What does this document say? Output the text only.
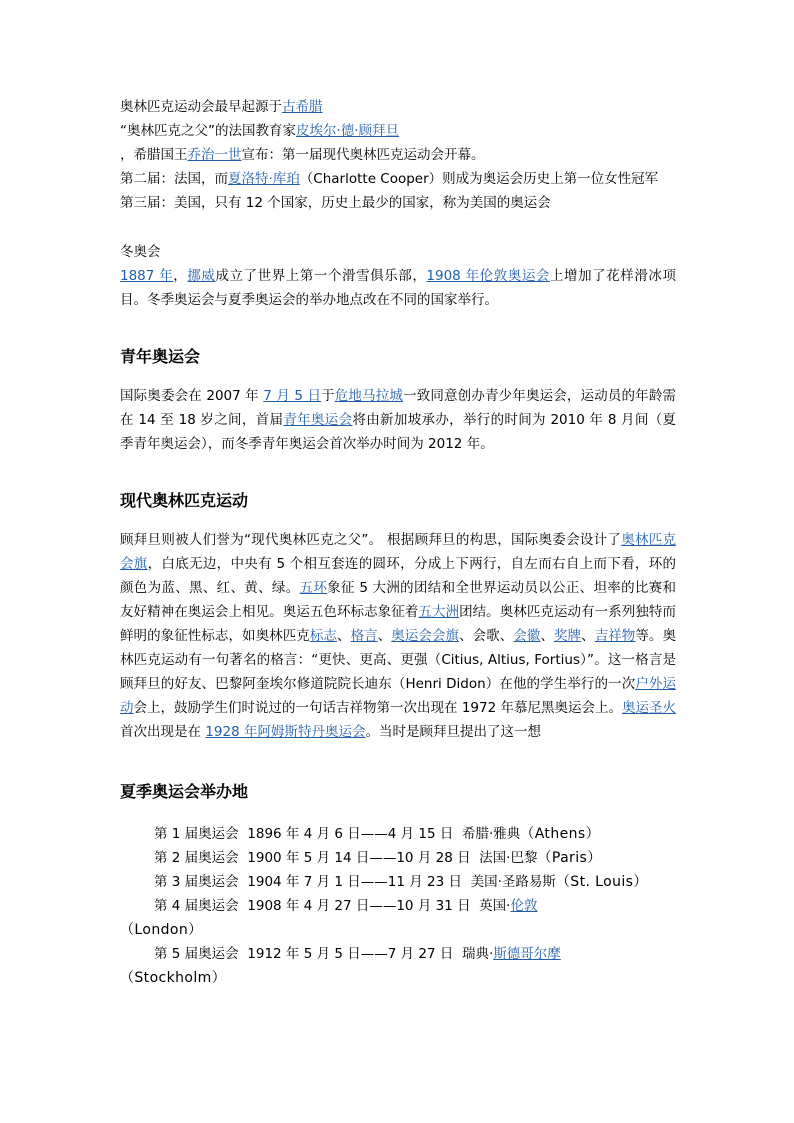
奥林匹克运动会最早起源于古希腊
“奥林匹克之父”的法国教育家皮埃尔·德·顾拜旦
，希腊国王乔治一世宣布：第一届现代奥林匹克运动会开幕。
第二届：法国，而夏洛特·库珀（Charlotte Cooper）则成为奥运会历史上第一位女性冠军
第三届：美国，只有 12 个国家，历史上最少的国家，称为美国的奥运会
冬奥会
1887 年，挪威成立了世界上第一个滑雪俱乐部，1908 年伦敦奥运会上增加了花样滑冰项目。冬季奥运会与夏季奥运会的举办地点改在不同的国家举行。
青年奥运会
国际奥委会在 2007 年 7 月 5 日于危地马拉城一致同意创办青少年奥运会，运动员的年龄需在 14 至 18 岁之间，首届青年奥运会将由新加坡承办，举行的时间为 2010 年 8 月间（夏季青年奥运会），而冬季青年奥运会首次举办时间为 2012 年。
现代奥林匹克运动
顾拜旦则被人们誉为“现代奥林匹克之父”。 根据顾拜旦的构思，国际奥委会设计了奥林匹克会旗，白底无边，中央有 5 个相互套连的圆环，分成上下两行，自左而右自上而下看，环的颜色为蓝、黑、红、黄、绿。五环象征 5 大洲的团结和全世界运动员以公正、坦率的比赛和友好精神在奥运会上相见。奥运五色环标志象征着五大洲团结。奥林匹克运动有一系列独特而鲜明的象征性标志，如奥林匹克标志、格言、奥运会会旗、会歌、会徽、奖牌、吉祥物等。奥林匹克运动有一句著名的格言：“更快、更高、更强（Citius, Altius, Fortius）”。这一格言是顾拜旦的好友、巴黎阿奎埃尔修道院院长迪东（Henri Didon）在他的学生举行的一次户外运动会上，鼓励学生们时说过的一句话吉祥物第一次出现在 1972 年慕尼黑奥运会上。奥运圣火首次出现是在 1928 年阿姆斯特丹奥运会。当时是顾拜旦提出了这一想
夏季奥运会举办地
第 1 届奥运会 1896 年 4 月 6 日——4 月 15 日 希腊·雅典（Athens）
第 2 届奥运会 1900 年 5 月 14 日——10 月 28 日 法国·巴黎（Paris）
第 3 届奥运会 1904 年 7 月 1 日——11 月 23 日 美国·圣路易斯（St. Louis）
第 4 届奥运会 1908 年 4 月 27 日——10 月 31 日 英国·伦敦
（London）
第 5 届奥运会 1912 年 5 月 5 日——7 月 27 日 瑞典·斯德哥尔摩
（Stockholm）
